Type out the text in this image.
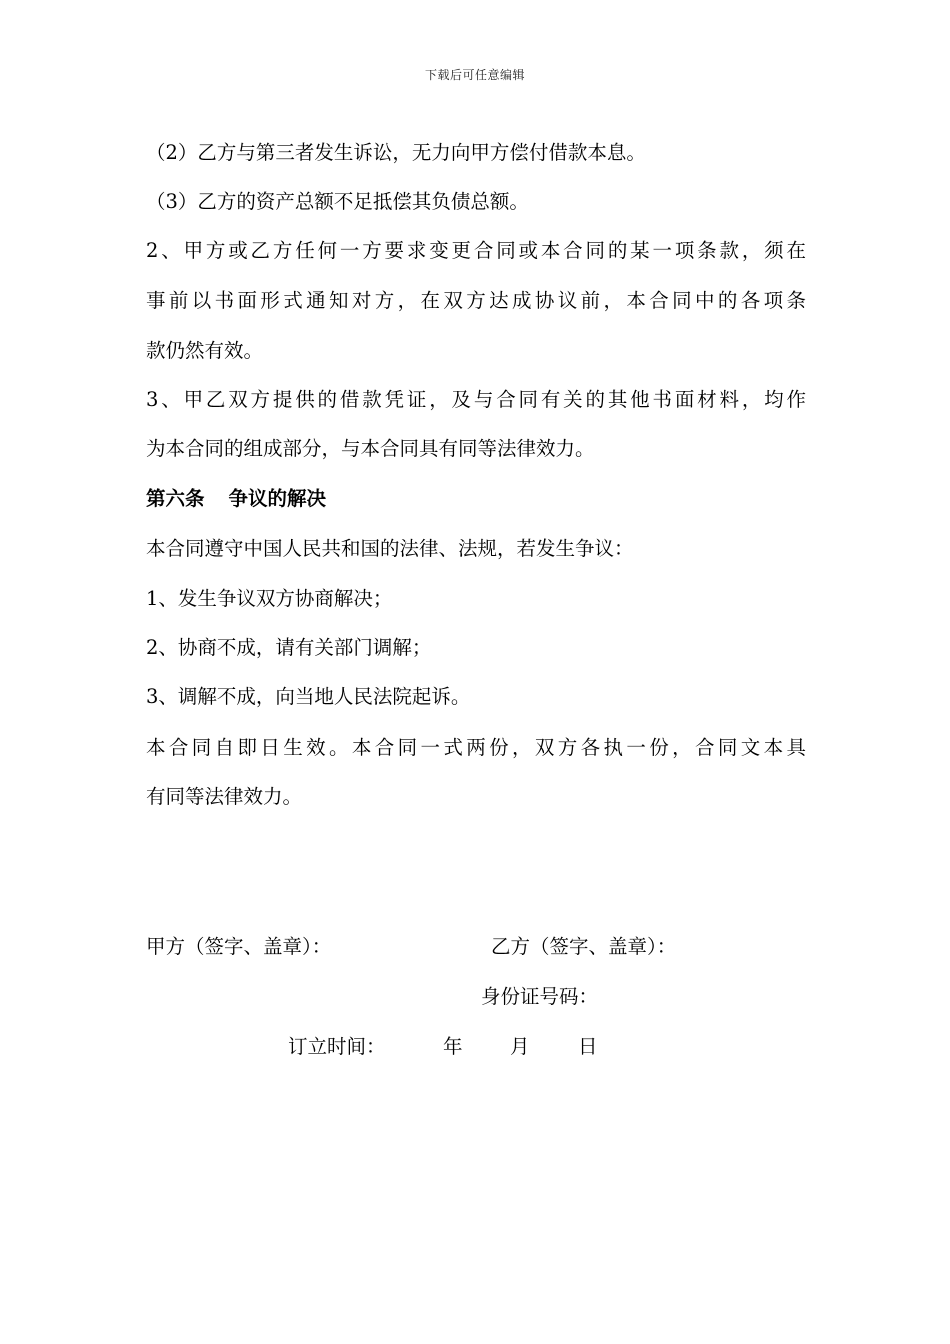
下载后可任意编辑
（2）乙方与第三者发生诉讼，无力向甲方偿付借款本息。
（3）乙方的资产总额不足抵偿其负债总额。
2、甲方或乙方任何一方要求变更合同或本合同的某一项条款，须在
事前以书面形式通知对方，在双方达成协议前，本合同中的各项条
款仍然有效。
3、甲乙双方提供的借款凭证，及与合同有关的其他书面材料，均作
为本合同的组成部分，与本合同具有同等法律效力。
第六条 争议的解决
本合同遵守中国人民共和国的法律、法规，若发生争议：
1、发生争议双方协商解决；
2、协商不成，请有关部门调解；
3、调解不成，向当地人民法院起诉。
本合同自即日生效。本合同一式两份，双方各执一份，合同文本具
有同等法律效力。
甲方（签字、盖章）：	乙方（签字、盖章）：
身份证号码：
订立时间：	年 月 日
